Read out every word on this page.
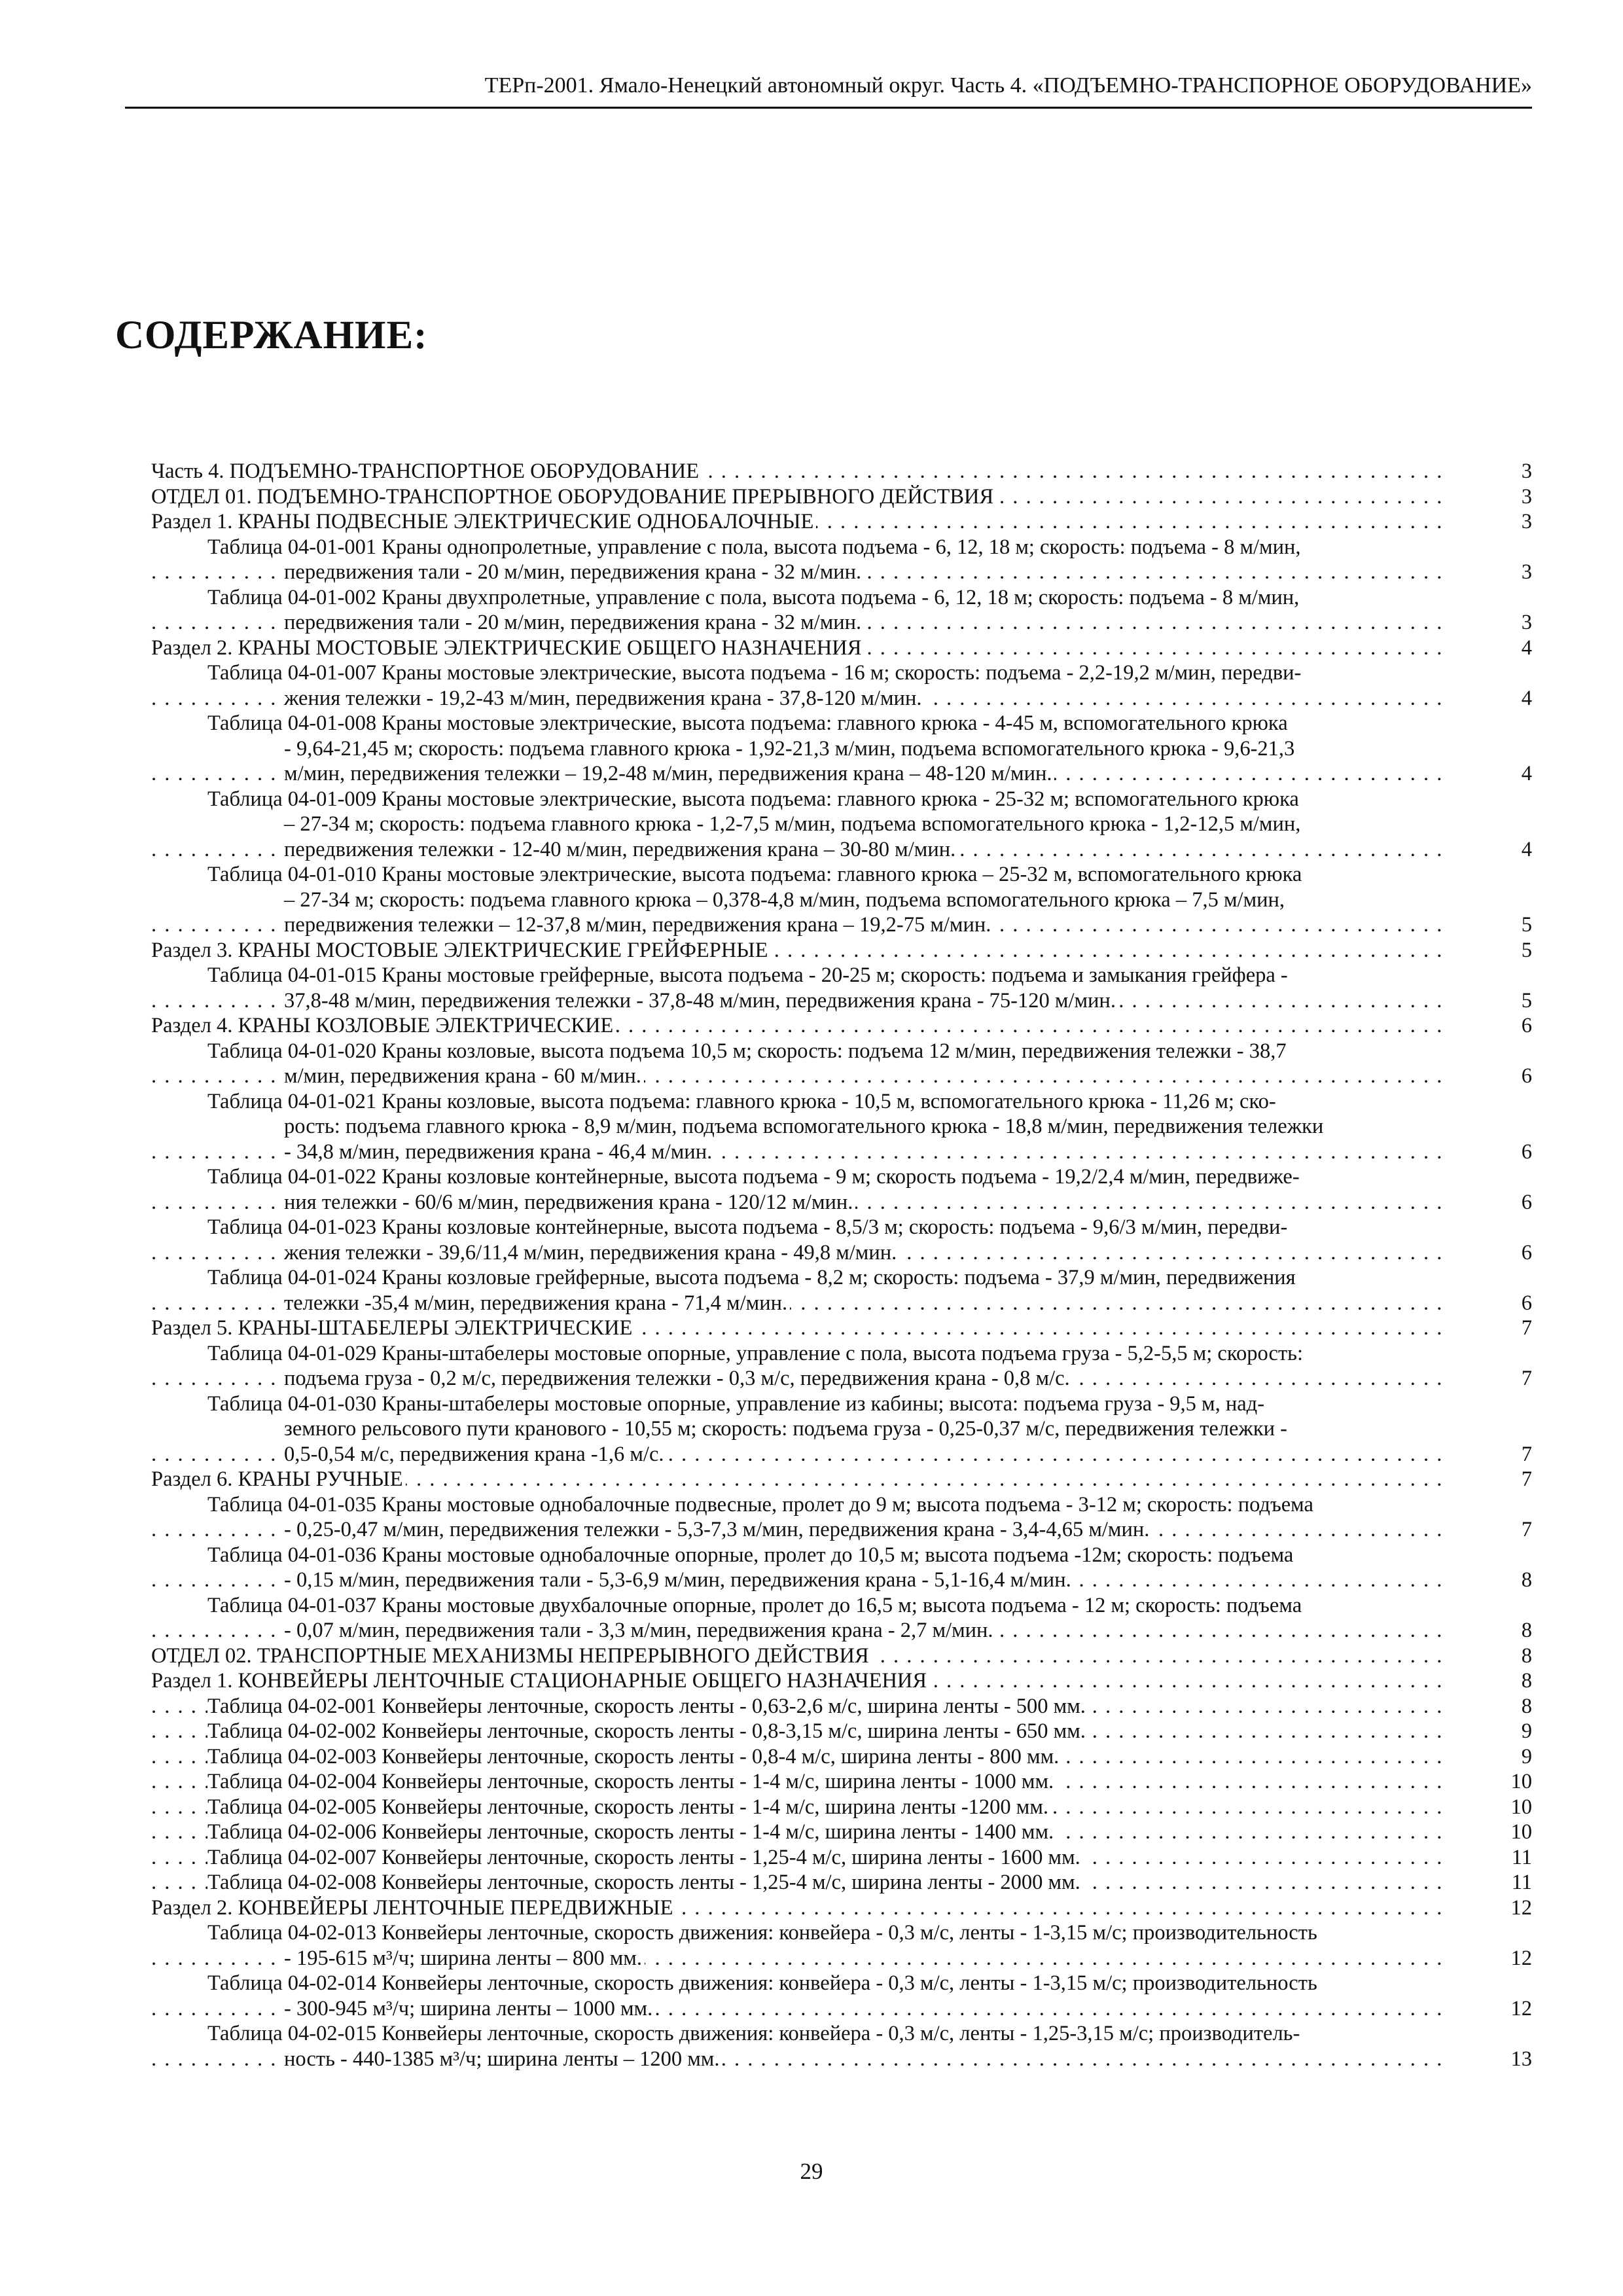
ТЕРп-2001. Ямало-Ненецкий автономный округ. Часть 4. «ПОДЪЕМНО-ТРАНСПОРНОЕ ОБОРУДОВАНИЕ»
СОДЕРЖАНИЕ:
. . . Часть 4. ПОДЪЕМНО-ТРАНСПОРТНОЕ ОБОРУДОВАНИЕ	3
. . . ОТДЕЛ 01. ПОДЪЕМНО-ТРАНСПОРТНОЕ ОБОРУДОВАНИЕ ПРЕРЫВНОГО ДЕЙСТВИЯ	3
. . . Раздел 1. КРАНЫ ПОДВЕСНЫЕ ЭЛЕКТРИЧЕСКИЕ ОДНОБАЛОЧНЫЕ	3
Таблица 04-01-001 Краны однопролетные, управление с пола, высота подъема - 6, 12, 18 м; скорость: подъема - 8 м/мин,
. . . передвижения тали - 20 м/мин, передвижения крана - 32 м/мин.	3
Таблица 04-01-002 Краны двухпролетные, управление с пола, высота подъема - 6, 12, 18 м; скорость: подъема - 8 м/мин,
. . . передвижения тали - 20 м/мин, передвижения крана - 32 м/мин.	3
. . . Раздел 2. КРАНЫ МОСТОВЫЕ ЭЛЕКТРИЧЕСКИЕ ОБЩЕГО НАЗНАЧЕНИЯ	4
Таблица 04-01-007 Краны мостовые электрические, высота подъема - 16 м; скорость: подъема - 2,2-19,2 м/мин, передви-
. . . жения тележки - 19,2-43 м/мин, передвижения крана - 37,8-120 м/мин.	4
Таблица 04-01-008 Краны мостовые электрические, высота подъема: главного крюка - 4-45 м, вспомогательного крюка
- 9,64-21,45 м; скорость: подъема главного крюка - 1,92-21,3 м/мин, подъема вспомогательного крюка - 9,6-21,3
. . . м/мин, передвижения тележки – 19,2-48 м/мин, передвижения крана – 48-120 м/мин.	4
Таблица 04-01-009 Краны мостовые электрические, высота подъема: главного крюка - 25-32 м; вспомогательного крюка
– 27-34 м; скорость: подъема главного крюка - 1,2-7,5 м/мин, подъема вспомогательного крюка - 1,2-12,5 м/мин,
. . . передвижения тележки - 12-40 м/мин, передвижения крана – 30-80 м/мин.	4
Таблица 04-01-010 Краны мостовые электрические, высота подъема: главного крюка – 25-32 м, вспомогательного крюка
– 27-34 м; скорость: подъема главного крюка – 0,378-4,8 м/мин, подъема вспомогательного крюка – 7,5 м/мин,
. . . передвижения тележки – 12-37,8 м/мин, передвижения крана – 19,2-75 м/мин.	5
. . . Раздел 3. КРАНЫ МОСТОВЫЕ ЭЛЕКТРИЧЕСКИЕ ГРЕЙФЕРНЫЕ	5
Таблица 04-01-015 Краны мостовые грейферные, высота подъема - 20-25 м; скорость: подъема и замыкания грейфера -
. . . 37,8-48 м/мин, передвижения тележки - 37,8-48 м/мин, передвижения крана - 75-120 м/мин.	5
. . . Раздел 4. КРАНЫ КОЗЛОВЫЕ ЭЛЕКТРИЧЕСКИЕ	6
Таблица 04-01-020 Краны козловые, высота подъема 10,5 м; скорость: подъема 12 м/мин, передвижения тележки - 38,7
. . . м/мин, передвижения крана - 60 м/мин.	6
Таблица 04-01-021 Краны козловые, высота подъема: главного крюка - 10,5 м, вспомогательного крюка - 11,26 м; ско-
рость: подъема главного крюка - 8,9 м/мин, подъема вспомогательного крюка - 18,8 м/мин, передвижения тележки
. . . - 34,8 м/мин, передвижения крана - 46,4 м/мин.	6
Таблица 04-01-022 Краны козловые контейнерные, высота подъема - 9 м; скорость подъема - 19,2/2,4 м/мин, передвиже-
. . . ния тележки - 60/6 м/мин, передвижения крана - 120/12 м/мин.	6
Таблица 04-01-023 Краны козловые контейнерные, высота подъема - 8,5/3 м; скорость: подъема - 9,6/3 м/мин, передви-
. . . жения тележки - 39,6/11,4 м/мин, передвижения крана - 49,8 м/мин.	6
Таблица 04-01-024 Краны козловые грейферные, высота подъема - 8,2 м; скорость: подъема - 37,9 м/мин, передвижения
. . . тележки -35,4 м/мин, передвижения крана - 71,4 м/мин.	6
. . . Раздел 5. КРАНЫ-ШТАБЕЛЕРЫ ЭЛЕКТРИЧЕСКИЕ	7
Таблица 04-01-029 Краны-штабелеры мостовые опорные, управление с пола, высота подъема груза - 5,2-5,5 м; скорость:
. . . подъема груза - 0,2 м/с, передвижения тележки - 0,3 м/с, передвижения крана - 0,8 м/с.	7
Таблица 04-01-030 Краны-штабелеры мостовые опорные, управление из кабины; высота: подъема груза - 9,5 м, над-
земного рельсового пути кранового - 10,55 м; скорость: подъема груза - 0,25-0,37 м/с, передвижения тележки -
. . . 0,5-0,54 м/с, передвижения крана -1,6 м/с.	7
. . . Раздел 6. КРАНЫ РУЧНЫЕ	7
Таблица 04-01-035 Краны мостовые однобалочные подвесные, пролет до 9 м; высота подъема - 3-12 м; скорость: подъема
. . . - 0,25-0,47 м/мин, передвижения тележки - 5,3-7,3 м/мин, передвижения крана - 3,4-4,65 м/мин.	7
Таблица 04-01-036 Краны мостовые однобалочные опорные, пролет до 10,5 м; высота подъема -12м; скорость: подъема
. . . - 0,15 м/мин, передвижения тали - 5,3-6,9 м/мин, передвижения крана - 5,1-16,4 м/мин.	8
Таблица 04-01-037 Краны мостовые двухбалочные опорные, пролет до 16,5 м; высота подъема - 12 м; скорость: подъема
. . . - 0,07 м/мин, передвижения тали - 3,3 м/мин, передвижения крана - 2,7 м/мин.	8
. . . ОТДЕЛ 02. ТРАНСПОРТНЫЕ МЕХАНИЗМЫ НЕПРЕРЫВНОГО ДЕЙСТВИЯ	8
. . . Раздел 1. КОНВЕЙЕРЫ ЛЕНТОЧНЫЕ СТАЦИОНАРНЫЕ ОБЩЕГО НАЗНАЧЕНИЯ	8
. . . Таблица 04-02-001 Конвейеры ленточные, скорость ленты - 0,63-2,6 м/с, ширина ленты - 500 мм.	8
. . . Таблица 04-02-002 Конвейеры ленточные, скорость ленты - 0,8-3,15 м/с, ширина ленты - 650 мм.	9
. . . Таблица 04-02-003 Конвейеры ленточные, скорость ленты - 0,8-4 м/с, ширина ленты - 800 мм.	9
. . . Таблица 04-02-004 Конвейеры ленточные, скорость ленты - 1-4 м/с, ширина ленты - 1000 мм.	10
. . . Таблица 04-02-005 Конвейеры ленточные, скорость ленты - 1-4 м/с, ширина ленты -1200 мм.	10
. . . Таблица 04-02-006 Конвейеры ленточные, скорость ленты - 1-4 м/с, ширина ленты - 1400 мм.	10
. . . Таблица 04-02-007 Конвейеры ленточные, скорость ленты - 1,25-4 м/с, ширина ленты - 1600 мм.	11
. . . Таблица 04-02-008 Конвейеры ленточные, скорость ленты - 1,25-4 м/с, ширина ленты - 2000 мм.	11
. . . Раздел 2. КОНВЕЙЕРЫ ЛЕНТОЧНЫЕ ПЕРЕДВИЖНЫЕ	12
Таблица 04-02-013 Конвейеры ленточные, скорость движения: конвейера - 0,3 м/с, ленты - 1-3,15 м/с; производительность
. . . - 195-615 м³/ч; ширина ленты – 800 мм.	12
Таблица 04-02-014 Конвейеры ленточные, скорость движения: конвейера - 0,3 м/с, ленты - 1-3,15 м/с; производительность
. . . - 300-945 м³/ч; ширина ленты – 1000 мм.	12
Таблица 04-02-015 Конвейеры ленточные, скорость движения: конвейера - 0,3 м/с, ленты - 1,25-3,15 м/с; производитель-
. . . ность - 440-1385 м³/ч; ширина ленты – 1200 мм.	13
29
